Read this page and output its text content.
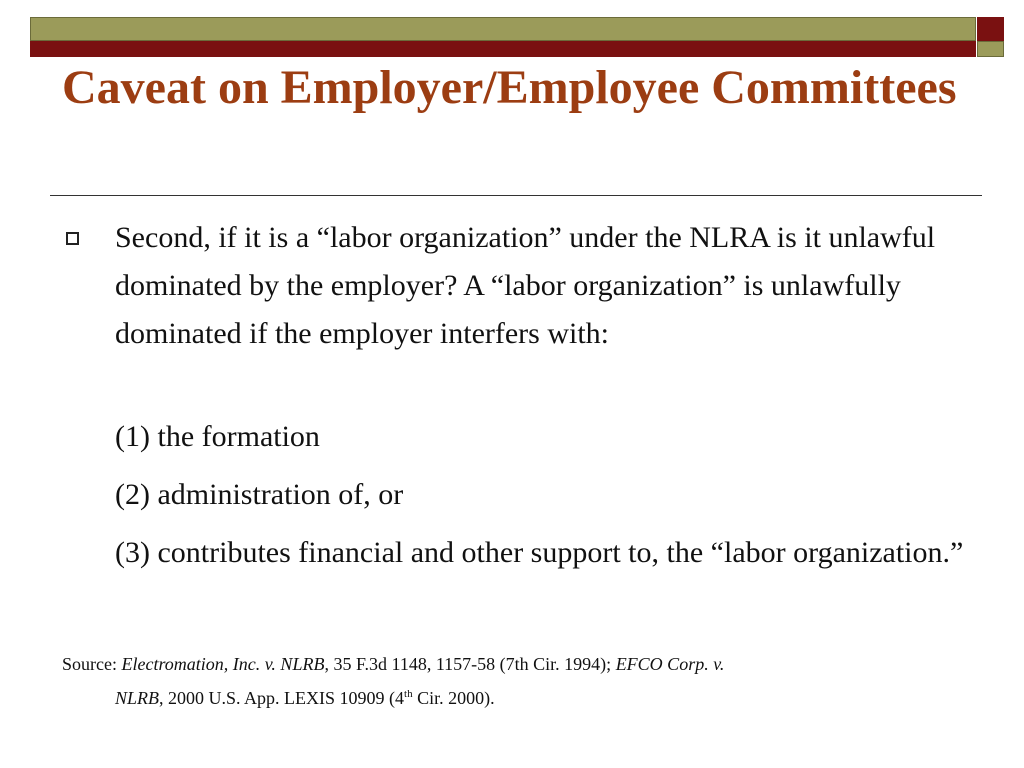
Caveat on Employer/Employee Committees

Second, if it is a “labor organization” under the NLRA is it unlawful dominated by the employer? A “labor organization” is unlawfully dominated if the employer interfers with:

(1) the formation

(2) administration of, or

(3) contributes financial and other support to, the “labor organization.”

Source: Electromation, Inc. v. NLRB, 35 F.3d 1148, 1157-58 (7th Cir. 1994); EFCO Corp. v.
NLRB, 2000 U.S. App. LEXIS 10909 (4th Cir. 2000).
